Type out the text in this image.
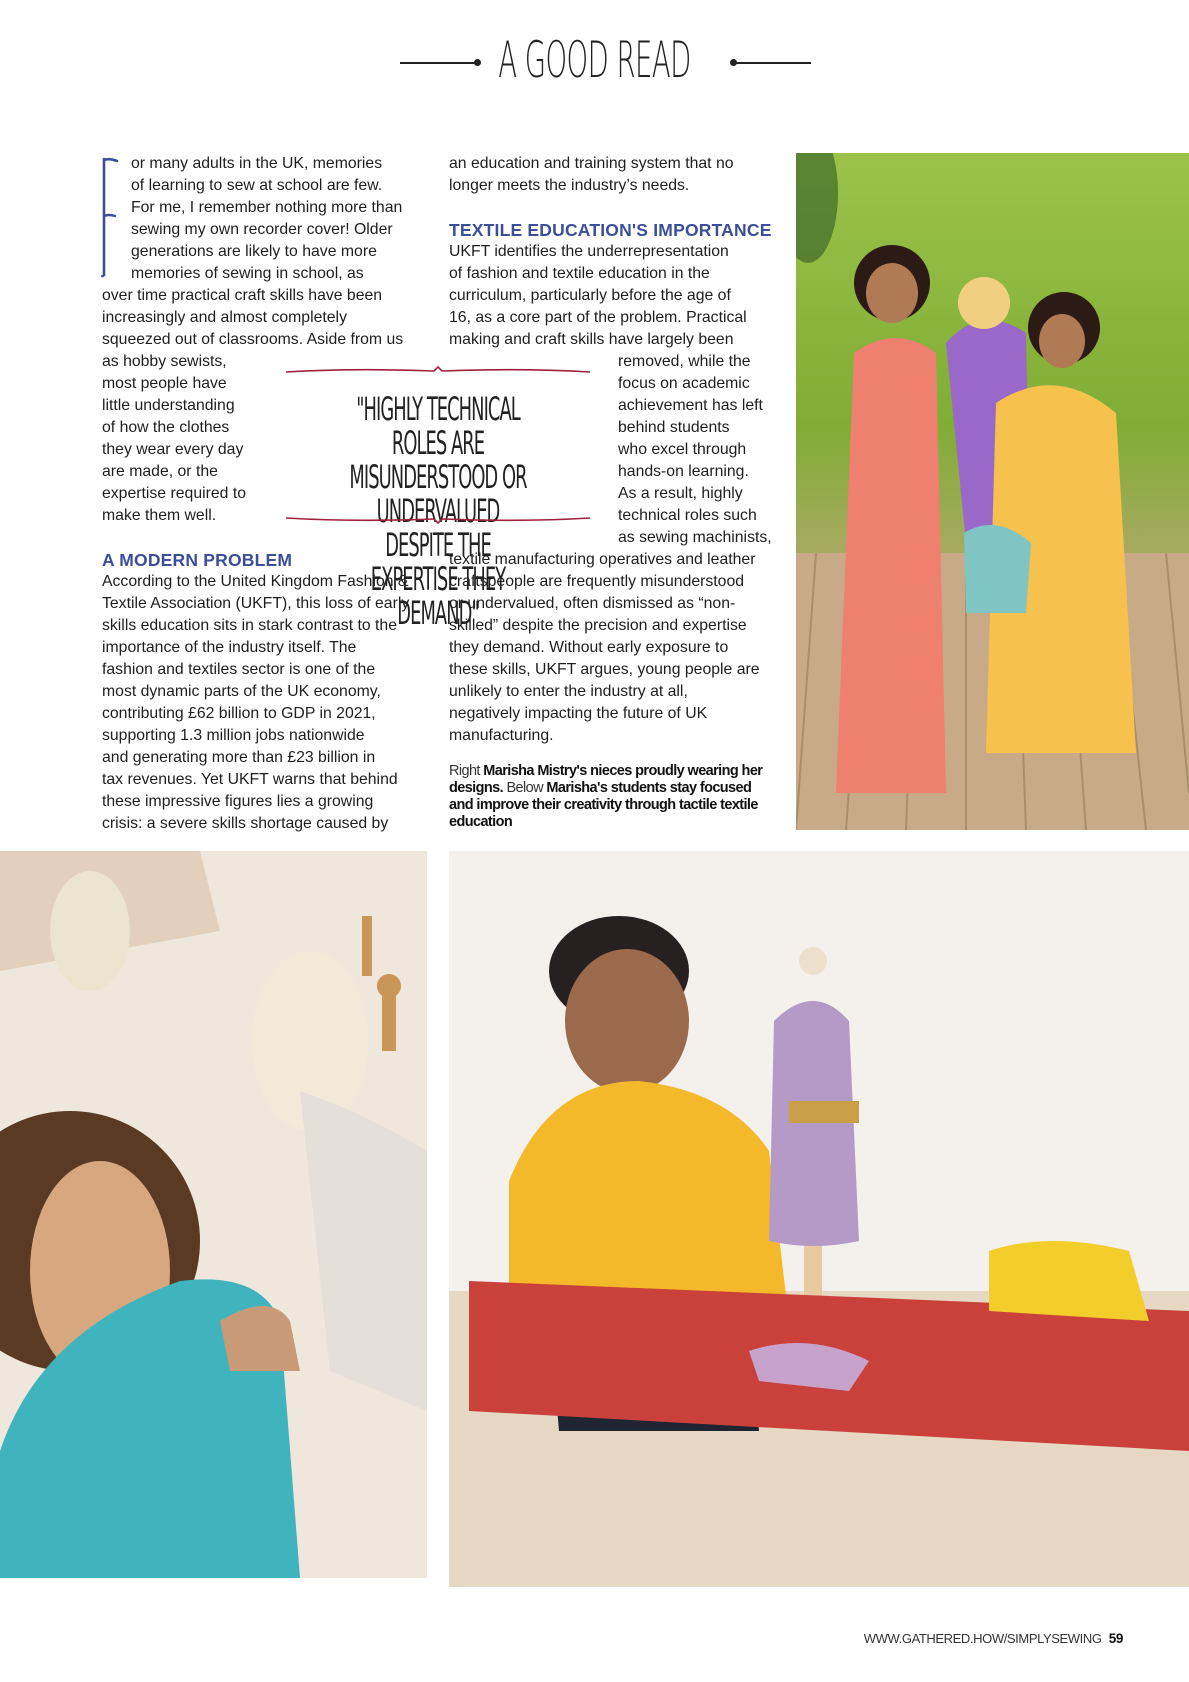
A GOOD READ

or many adults in the UK, memories

of learning to sew at school are few.

For me, I remember nothing more than

sewing my own recorder cover! Older

generations are likely to have more

memories of sewing in school, as

over time practical craft skills have been

increasingly and almost completely

squeezed out of classrooms. Aside from us

as hobby sewists,

most people have

little understanding

of how the clothes

they wear every day

are made, or the

expertise required to

make them well.

A MODERN PROBLEM

According to the United Kingdom Fashion &

Textile Association (UKFT), this loss of early

skills education sits in stark contrast to the

importance of the industry itself. The

fashion and textiles sector is one of the

most dynamic parts of the UK economy,

contributing £62 billion to GDP in 2021,

supporting 1.3 million jobs nationwide

and generating more than £23 billion in

tax revenues. Yet UKFT warns that behind

these impressive figures lies a growing

crisis: a severe skills shortage caused by

an education and training system that no

longer meets the industry’s needs.

TEXTILE EDUCATION'S IMPORTANCE

UKFT identifies the underrepresentation

of fashion and textile education in the

curriculum, particularly before the age of

16, as a core part of the problem. Practical

making and craft skills have largely been

removed, while the

focus on academic

achievement has left

behind students

who excel through

hands-on learning.

As a result, highly

technical roles such

as sewing machinists,

textile manufacturing operatives and leather

craftspeople are frequently misunderstood

or undervalued, often dismissed as “non-

skilled” despite the precision and expertise

they demand. Without early exposure to

these skills, UKFT argues, young people are

unlikely to enter the industry at all,

negatively impacting the future of UK

manufacturing.

"HIGHLY TECHNICAL ROLES ARE
MISUNDERSTOOD OR UNDERVALUED
DESPITE THE EXPERTISE THEY DEMAND"
Right Marisha Mistry's nieces proudly wearing her designs. Below Marisha's students stay focused and improve their creativity through tactile textile education
WWW.GATHERED.HOW/SIMPLYSEWING 59
